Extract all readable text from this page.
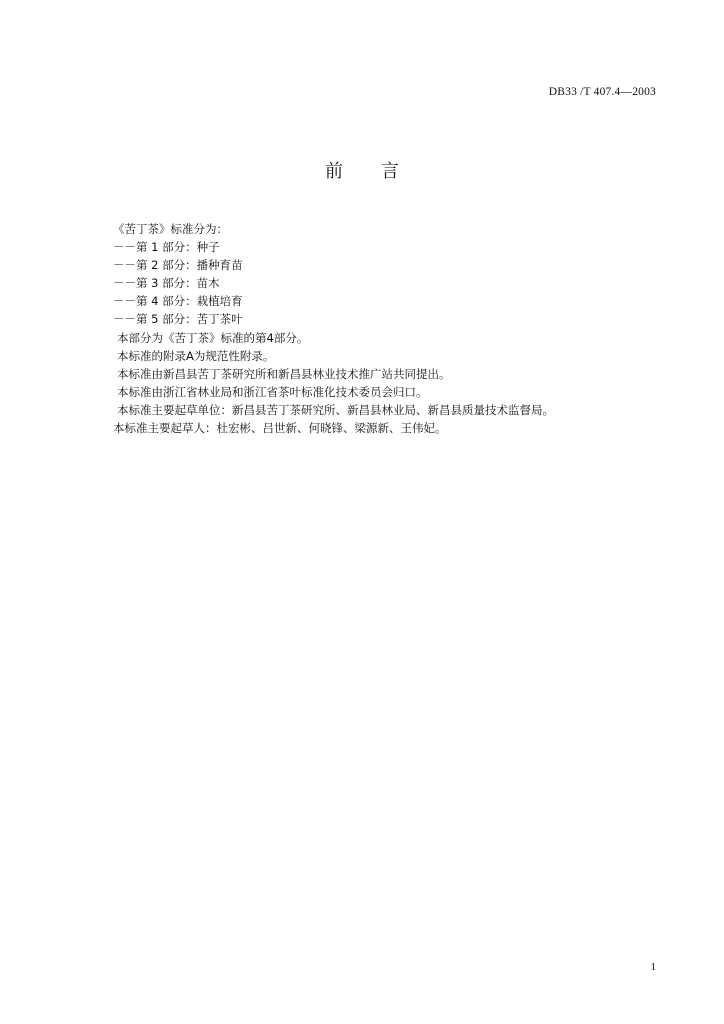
DB33 /T 407.4—2003
前 言
《苦丁茶》标准分为：
－－第 1 部分：种子
－－第 2 部分：播种育苗
－－第 3 部分：苗木
－－第 4 部分：栽植培育
－－第 5 部分：苦丁茶叶
本部分为《苦丁茶》标准的第4部分。
本标准的附录A为规范性附录。
本标准由新昌县苦丁茶研究所和新昌县林业技术推广站共同提出。
本标准由浙江省林业局和浙江省茶叶标准化技术委员会归口。
本标准主要起草单位：新昌县苦丁茶研究所、新昌县林业局、新昌县质量技术监督局。
本标准主要起草人：杜宏彬、吕世新、何晓锋、梁源新、王伟妃。
1
